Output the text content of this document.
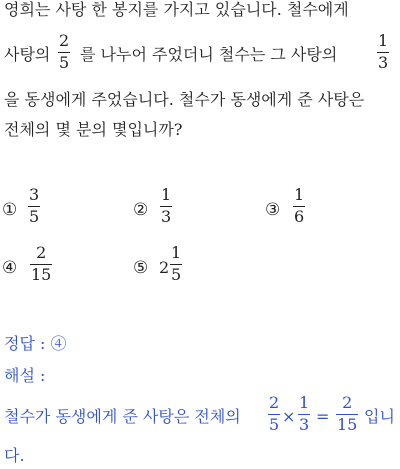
영희는 사탕 한 봉지를 가지고 있습니다. 철수에게
사탕의
2
5 를 나누어 주었더니 철수는 그 사탕의
1
3
을 동생에게 주었습니다. 철수가 동생에게 준 사탕은
전체의 몇 분의 몇입니까?
①
3
5	②
1
3	③
1
6
④
2
15	⑤ 2
1
5
정답 : ④
해설 :
철수가 동생에게 준 사탕은 전체의
2
5 ×
1
3 =
2
15 입니
다.
